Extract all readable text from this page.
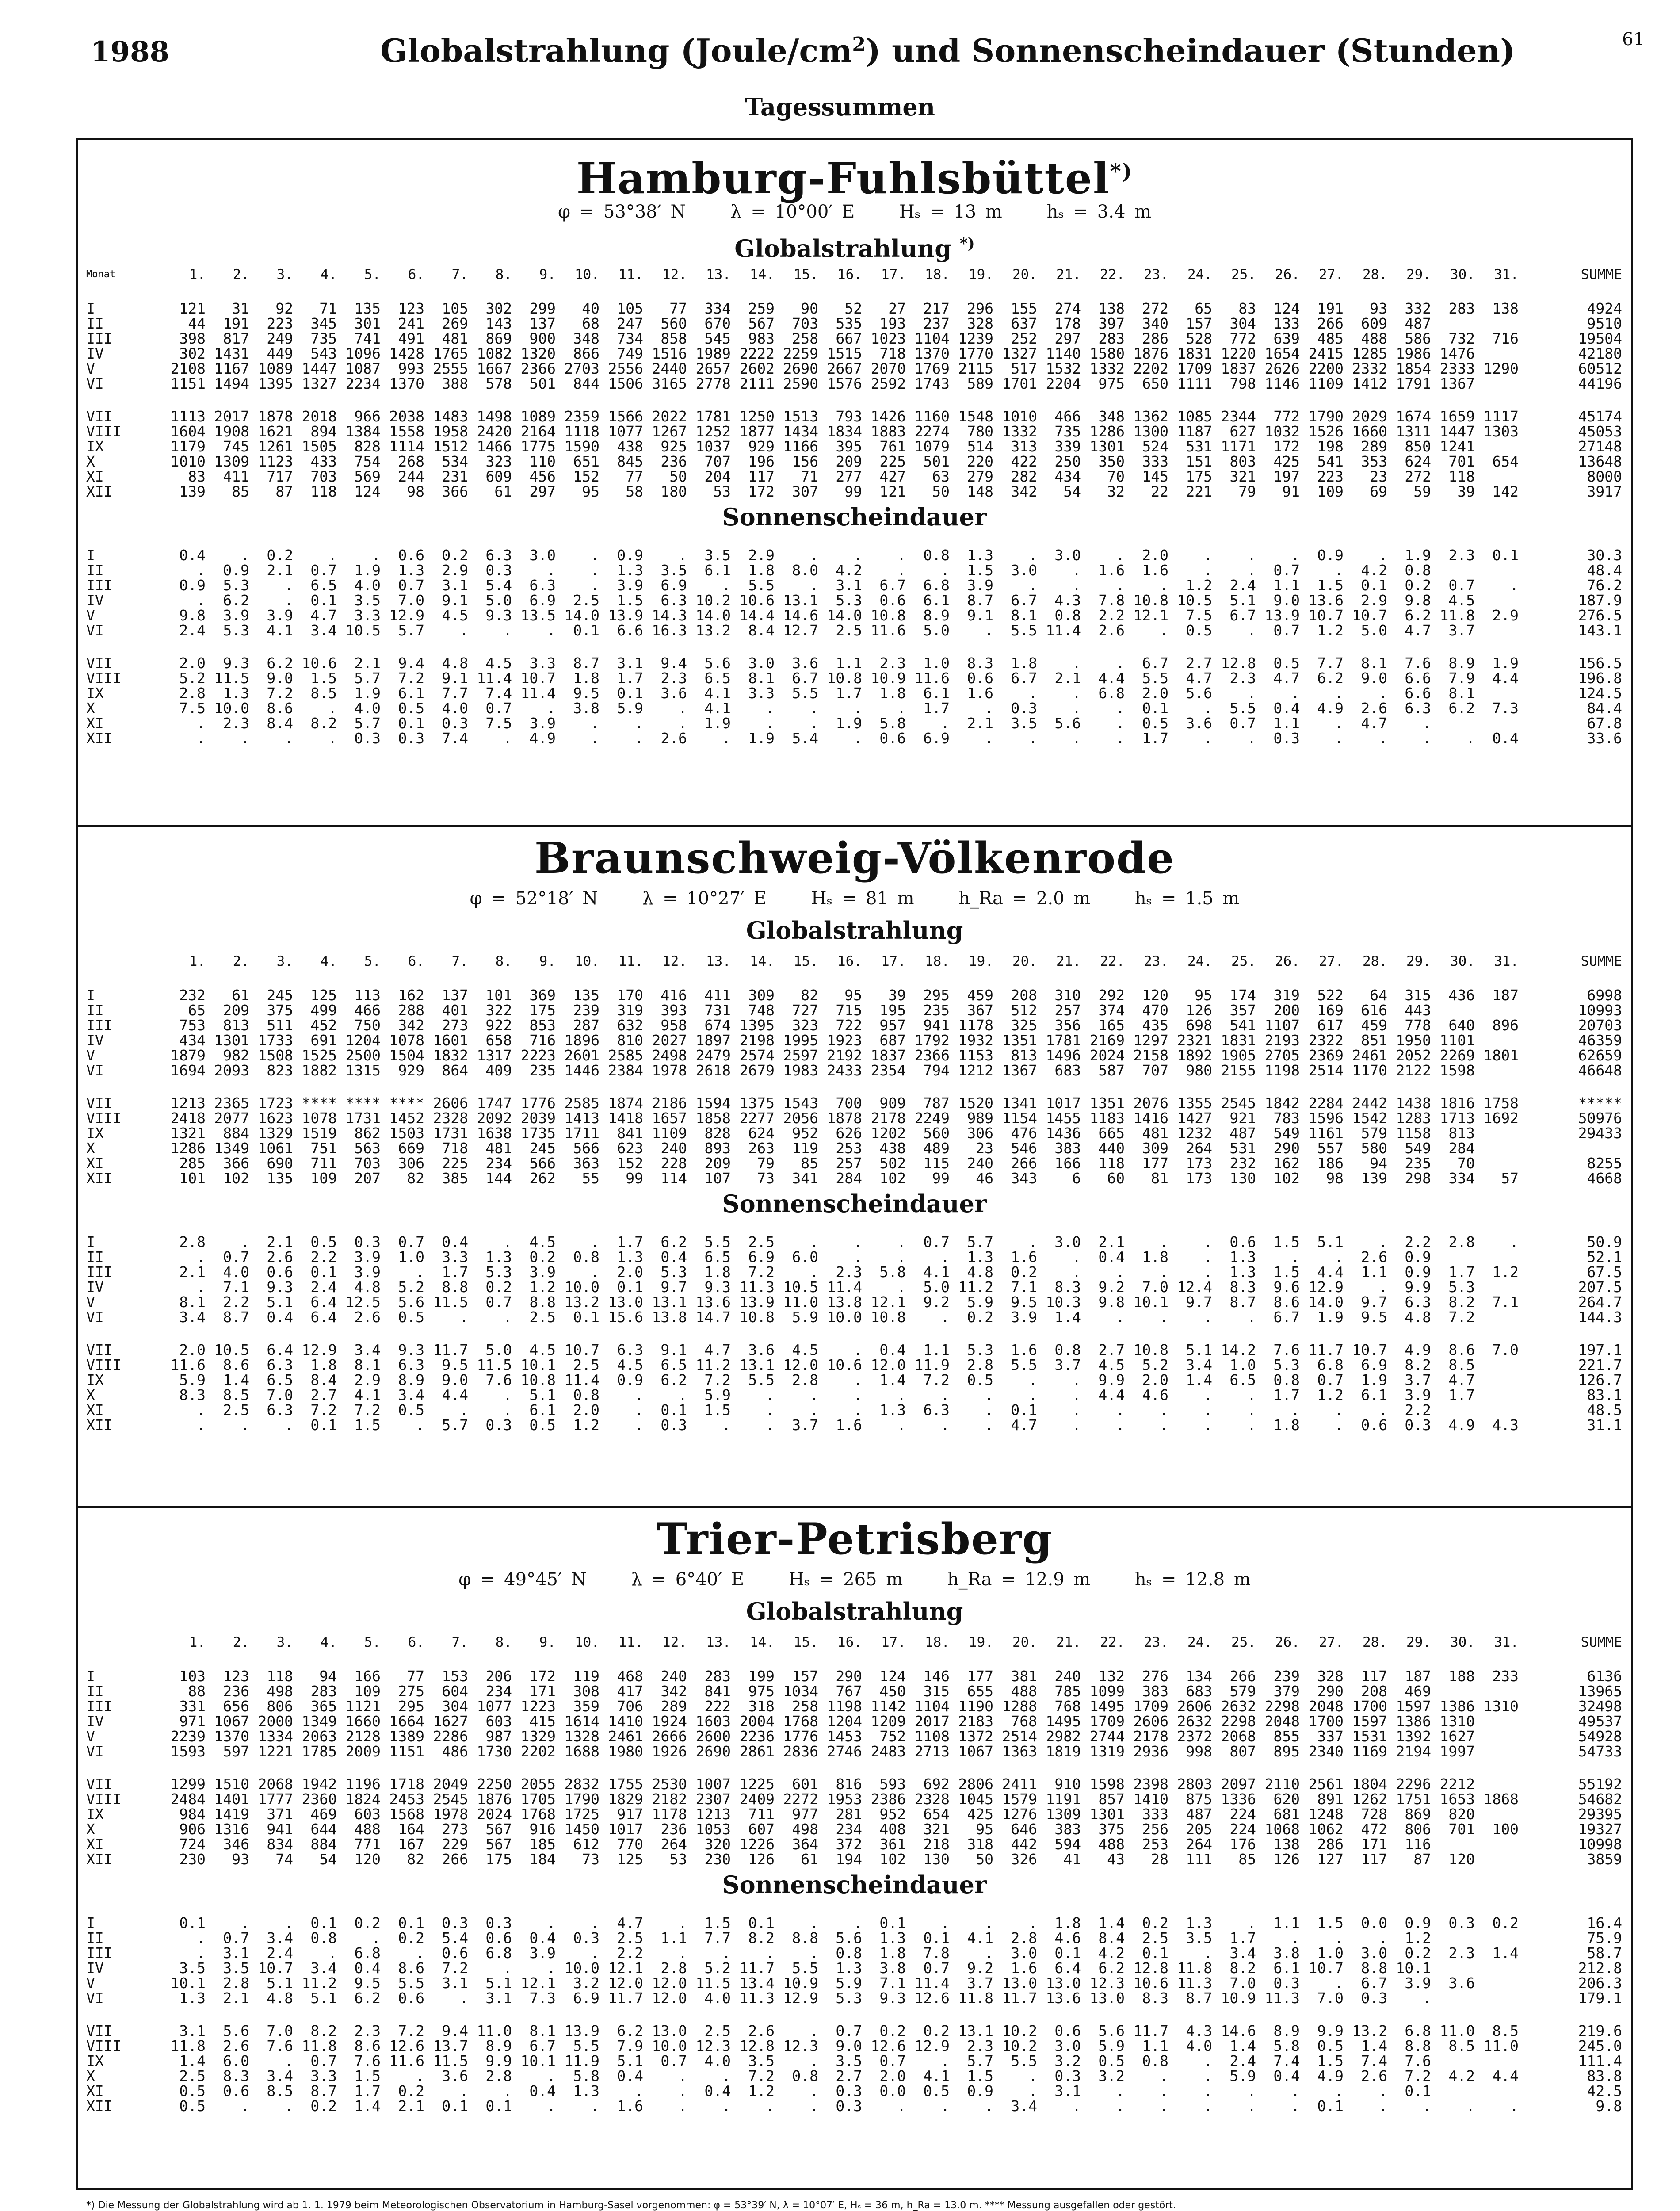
1988	Globalstrahlung $(Joule/cm^2)$ und Sonnenscheindauer (Stunden)	61
Tagessummen
Hamburg-Fuhlsbüttel*)
φ = 53°38′ N	λ = 10°00′ E	Hₛ = 13 m	hₛ = 3.4 m
Globalstrahlung *)
Monat	1.	2.	3.	4.	5.	6.	7.	8.	9.	10.	11.	12.	13.	14.	15.	16.	17.	18.	19.	20.	21.	22.	23.	24.	25.	26.	27.	28.	29.	30.	31.	SUMME

I	121	31	92	71	135	123	105	302	299	40	105	77	334	259	90	52	27	217	296	155	274	138	272	65	83	124	191	93	332	283	138	4924
II	44	191	223	345	301	241	269	143	137	68	247	560	670	567	703	535	193	237	328	637	178	397	340	157	304	133	266	609	487			9510
III	398	817	249	735	741	491	481	869	900	348	734	858	545	983	258	667	1023	1104	1239	252	297	283	286	528	772	639	485	488	586	732	716	19504
IV	302	1431	449	543	1096	1428	1765	1082	1320	866	749	1516	1989	2222	2259	1515	718	1370	1770	1327	1140	1580	1876	1831	1220	1654	2415	1285	1986	1476		42180
V	2108	1167	1089	1447	1087	993	2555	1667	2366	2703	2556	2440	2657	2602	2690	2667	2070	1769	2115	517	1532	1332	2202	1709	1837	2626	2200	2332	1854	2333	1290	60512
VI	1151	1494	1395	1327	2234	1370	388	578	501	844	1506	3165	2778	2111	2590	1576	2592	1743	589	1701	2204	975	650	1111	798	1146	1109	1412	1791	1367		44196

VII	1113	2017	1878	2018	966	2038	1483	1498	1089	2359	1566	2022	1781	1250	1513	793	1426	1160	1548	1010	466	348	1362	1085	2344	772	1790	2029	1674	1659	1117	45174
VIII	1604	1908	1621	894	1384	1558	1958	2420	2164	1118	1077	1267	1252	1877	1434	1834	1883	2274	780	1332	735	1286	1300	1187	627	1032	1526	1660	1311	1447	1303	45053
IX	1179	745	1261	1505	828	1114	1512	1466	1775	1590	438	925	1037	929	1166	395	761	1079	514	313	339	1301	524	531	1171	172	198	289	850	1241		27148
X	1010	1309	1123	433	754	268	534	323	110	651	845	236	707	196	156	209	225	501	220	422	250	350	333	151	803	425	541	353	624	701	654	13648
XI	83	411	717	703	569	244	231	609	456	152	77	50	204	117	71	277	427	63	279	282	434	70	145	175	321	197	223	23	272	118		8000
XII	139	85	87	118	124	98	366	61	297	95	58	180	53	172	307	99	121	50	148	342	54	32	22	221	79	91	109	69	59	39	142	3917
Sonnenscheindauer

I	0.4	.	0.2	.	.	0.6	0.2	6.3	3.0	.	0.9	.	3.5	2.9	.	.	.	0.8	1.3	.	3.0	.	2.0	.	.	.	0.9	.	1.9	2.3	0.1	30.3
II	.	0.9	2.1	0.7	1.9	1.3	2.9	0.3	.	.	1.3	3.5	6.1	1.8	8.0	4.2	.	.	1.5	3.0	.	1.6	1.6	.	.	0.7	.	4.2	0.8			48.4
III	0.9	5.3	.	6.5	4.0	0.7	3.1	5.4	6.3	.	3.9	6.9	.	5.5	.	3.1	6.7	6.8	3.9	.	.	.	.	1.2	2.4	1.1	1.5	0.1	0.2	0.7	.	76.2
IV	.	6.2	.	0.1	3.5	7.0	9.1	5.0	6.9	2.5	1.5	6.3	10.2	10.6	13.1	5.3	0.6	6.1	8.7	6.7	4.3	7.8	10.8	10.5	5.1	9.0	13.6	2.9	9.8	4.5		187.9
V	9.8	3.9	3.9	4.7	3.3	12.9	4.5	9.3	13.5	14.0	13.9	14.3	14.0	14.4	14.6	14.0	10.8	8.9	9.1	8.1	0.8	2.2	12.1	7.5	6.7	13.9	10.7	10.7	6.2	11.8	2.9	276.5
VI	2.4	5.3	4.1	3.4	10.5	5.7	.	.	.	0.1	6.6	16.3	13.2	8.4	12.7	2.5	11.6	5.0	.	5.5	11.4	2.6	.	0.5	.	0.7	1.2	5.0	4.7	3.7		143.1

VII	2.0	9.3	6.2	10.6	2.1	9.4	4.8	4.5	3.3	8.7	3.1	9.4	5.6	3.0	3.6	1.1	2.3	1.0	8.3	1.8	.	.	6.7	2.7	12.8	0.5	7.7	8.1	7.6	8.9	1.9	156.5
VIII	5.2	11.5	9.0	1.5	5.7	7.2	9.1	11.4	10.7	1.8	1.7	2.3	6.5	8.1	6.7	10.8	10.9	11.6	0.6	6.7	2.1	4.4	5.5	4.7	2.3	4.7	6.2	9.0	6.6	7.9	4.4	196.8
IX	2.8	1.3	7.2	8.5	1.9	6.1	7.7	7.4	11.4	9.5	0.1	3.6	4.1	3.3	5.5	1.7	1.8	6.1	1.6	.	.	6.8	2.0	5.6	.	.	.	.	6.6	8.1		124.5
X	7.5	10.0	8.6	.	4.0	0.5	4.0	0.7	.	3.8	5.9	.	4.1	.	.	.	.	1.7	.	0.3	.	.	0.1	.	5.5	0.4	4.9	2.6	6.3	6.2	7.3	84.4
XI	.	2.3	8.4	8.2	5.7	0.1	0.3	7.5	3.9	.	.	.	1.9	.	.	1.9	5.8	.	2.1	3.5	5.6	.	0.5	3.6	0.7	1.1	.	4.7	.			67.8
XII	.	.	.	.	0.3	0.3	7.4	.	4.9	.	.	2.6	.	1.9	5.4	.	0.6	6.9	.	.	.	.	1.7	.	.	0.3	.	.	.	.	0.4	33.6
Braunschweig-Völkenrode
φ = 52°18′ N	λ = 10°27′ E	Hₛ = 81 m	h_Ra = 2.0 m	hₛ = 1.5 m
Globalstrahlung
	1.	2.	3.	4.	5.	6.	7.	8.	9.	10.	11.	12.	13.	14.	15.	16.	17.	18.	19.	20.	21.	22.	23.	24.	25.	26.	27.	28.	29.	30.	31.	SUMME	

I	232	61	245	125	113	162	137	101	369	135	170	416	411	309	82	95	39	295	459	208	310	292	120	95	174	319	522	64	315	436	187	6998	
II	65	209	375	499	466	288	401	322	175	239	319	393	731	748	727	715	195	235	367	512	257	374	470	126	357	200	169	616	443			10993	
III	753	813	511	452	750	342	273	922	853	287	632	958	674	1395	323	722	957	941	1178	325	356	165	435	698	541	1107	617	459	778	640	896	20703	
IV	434	1301	1733	691	1204	1078	1601	658	716	1896	810	2027	1897	2198	1995	1923	687	1792	1932	1351	1781	2169	1297	2321	1831	2193	2322	851	1950	1101		46359	
V	1879	982	1508	1525	2500	1504	1832	1317	2223	2601	2585	2498	2479	2574	2597	2192	1837	2366	1153	813	1496	2024	2158	1892	1905	2705	2369	2461	2052	2269	1801	62659	
VI	1694	2093	823	1882	1315	929	864	409	235	1446	2384	1978	2618	2679	1983	2433	2354	794	1212	1367	683	587	707	980	2155	1198	2514	1170	2122	1598		46648	

VII	1213	2365	1723	****	****	****	2606	1747	1776	2585	1874	2186	1594	1375	1543	700	909	787	1520	1341	1017	1351	2076	1355	2545	1842	2284	2442	1438	1816	1758	*****	
VIII	2418	2077	1623	1078	1731	1452	2328	2092	2039	1413	1418	1657	1858	2277	2056	1878	2178	2249	989	1154	1455	1183	1416	1427	921	783	1596	1542	1283	1713	1692	50976	
IX	1321	884	1329	1519	862	1503	1731	1638	1735	1711	841	1109	828	624	952	626	1202	560	306	476	1436	665	481	1232	487	549	1161	579	1158	813		29433	
X	1286	1349	1061	751	563	669	718	481	245	566	623	240	893	263	119	253	438	489	23	546	383	440	309	264	531	290	557	580	549	284			
XI	285	366	690	711	703	306	225	234	566	363	152	228	209	79	85	257	502	115	240	266	166	118	177	173	232	162	186	94	235	70		8255	
XII	101	102	135	109	207	82	385	144	262	55	99	114	107	73	341	284	102	99	46	343	6	60	81	173	130	102	98	139	298	334	57	4668	
Sonnenscheindauer

I	2.8	.	2.1	0.5	0.3	0.7	0.4	.	4.5	.	1.7	6.2	5.5	2.5	.	.	.	0.7	5.7	.	3.0	2.1	.	.	0.6	1.5	5.1	.	2.2	2.8	.	50.9
II	.	0.7	2.6	2.2	3.9	1.0	3.3	1.3	0.2	0.8	1.3	0.4	6.5	6.9	6.0	.	.	.	1.3	1.6	.	0.4	1.8	.	1.3	.	.	2.6	0.9			52.1
III	2.1	4.0	0.6	0.1	3.9	.	1.7	5.3	3.9	.	2.0	5.3	1.8	7.2	.	2.3	5.8	4.1	4.8	0.2	.	.	.	.	1.3	1.5	4.4	1.1	0.9	1.7	1.2	67.5
IV	.	7.1	9.3	2.4	4.8	5.2	8.8	0.2	1.2	10.0	0.1	9.7	9.3	11.3	10.5	11.4	.	5.0	11.2	7.1	8.3	9.2	7.0	12.4	8.3	9.6	12.9	.	9.9	5.3		207.5
V	8.1	2.2	5.1	6.4	12.5	5.6	11.5	0.7	8.8	13.2	13.0	13.1	13.6	13.9	11.0	13.8	12.1	9.2	5.9	9.5	10.3	9.8	10.1	9.7	8.7	8.6	14.0	9.7	6.3	8.2	7.1	264.7
VI	3.4	8.7	0.4	6.4	2.6	0.5	.	.	2.5	0.1	15.6	13.8	14.7	10.8	5.9	10.0	10.8	.	0.2	3.9	1.4	.	.	.	.	6.7	1.9	9.5	4.8	7.2		144.3

VII	2.0	10.5	6.4	12.9	3.4	9.3	11.7	5.0	4.5	10.7	6.3	9.1	4.7	3.6	4.5	.	0.4	1.1	5.3	1.6	0.8	2.7	10.8	5.1	14.2	7.6	11.7	10.7	4.9	8.6	7.0	197.1
VIII	11.6	8.6	6.3	1.8	8.1	6.3	9.5	11.5	10.1	2.5	4.5	6.5	11.2	13.1	12.0	10.6	12.0	11.9	2.8	5.5	3.7	4.5	5.2	3.4	1.0	5.3	6.8	6.9	8.2	8.5		221.7
IX	5.9	1.4	6.5	8.4	2.9	8.9	9.0	7.6	10.8	11.4	0.9	6.2	7.2	5.5	2.8	.	1.4	7.2	0.5	.	.	9.9	2.0	1.4	6.5	0.8	0.7	1.9	3.7	4.7		126.7
X	8.3	8.5	7.0	2.7	4.1	3.4	4.4	.	5.1	0.8	.	.	5.9	.	.	.	.	.	.	.	.	4.4	4.6	.	.	1.7	1.2	6.1	3.9	1.7		83.1
XI	.	2.5	6.3	7.2	7.2	0.5	.	.	6.1	2.0	.	0.1	1.5	.	.	.	1.3	6.3	.	0.1	.	.	.	.	.	.	.	.	2.2			48.5
XII	.	.	.	0.1	1.5	.	5.7	0.3	0.5	1.2	.	0.3	.	.	3.7	1.6	.	.	.	4.7	.	.	.	.	.	1.8	.	0.6	0.3	4.9	4.3	31.1
Trier-Petrisberg
φ = 49°45′ N	λ = 6°40′ E	Hₛ = 265 m	h_Ra = 12.9 m	hₛ = 12.8 m
Globalstrahlung
	1.	2.	3.	4.	5.	6.	7.	8.	9.	10.	11.	12.	13.	14.	15.	16.	17.	18.	19.	20.	21.	22.	23.	24.	25.	26.	27.	28.	29.	30.	31.	SUMME

I	103	123	118	94	166	77	153	206	172	119	468	240	283	199	157	290	124	146	177	381	240	132	276	134	266	239	328	117	187	188	233	6136
II	88	236	498	283	109	275	604	234	171	308	417	342	841	975	1034	767	450	315	655	488	785	1099	383	683	579	379	290	208	469			13965
III	331	656	806	365	1121	295	304	1077	1223	359	706	289	222	318	258	1198	1142	1104	1190	1288	768	1495	1709	2606	2632	2298	2048	1700	1597	1386	1310	32498
IV	971	1067	2000	1349	1660	1664	1627	603	415	1614	1410	1924	1603	2004	1768	1204	1209	2017	2183	768	1495	1709	2606	2632	2298	2048	1700	1597	1386	1310		49537
V	2239	1370	1334	2063	2128	1389	2286	987	1329	1328	2461	2666	2600	2236	1776	1453	752	1108	1372	2514	2982	2744	2178	2372	2068	855	337	1531	1392	1627		54928
VI	1593	597	1221	1785	2009	1151	486	1730	2202	1688	1980	1926	2690	2861	2836	2746	2483	2713	1067	1363	1819	1319	2936	998	807	895	2340	1169	2194	1997		54733

VII	1299	1510	2068	1942	1196	1718	2049	2250	2055	2832	1755	2530	1007	1225	601	816	593	692	2806	2411	910	1598	2398	2803	2097	2110	2561	1804	2296	2212		55192
VIII	2484	1401	1777	2360	1824	2453	2545	1876	1705	1790	1829	2182	2307	2409	2272	1953	2386	2328	1045	1579	1191	857	1410	875	1336	620	891	1262	1751	1653	1868	54682
IX	984	1419	371	469	603	1568	1978	2024	1768	1725	917	1178	1213	711	977	281	952	654	425	1276	1309	1301	333	487	224	681	1248	728	869	820		29395
X	906	1316	941	644	488	164	273	567	916	1450	1017	236	1053	607	498	234	408	321	95	646	383	375	256	205	224	1068	1062	472	806	701	100	19327
XI	724	346	834	884	771	167	229	567	185	612	770	264	320	1226	364	372	361	218	318	442	594	488	253	264	176	138	286	171	116			10998
XII	230	93	74	54	120	82	266	175	184	73	125	53	230	126	61	194	102	130	50	326	41	43	28	111	85	126	127	117	87	120		3859
Sonnenscheindauer

I	0.1	.	.	0.1	0.2	0.1	0.3	0.3	.	.	4.7	.	1.5	0.1	.	.	0.1	.	.	.	1.8	1.4	0.2	1.3	.	1.1	1.5	0.0	0.9	0.3	0.2	16.4
II	.	0.7	3.4	0.8	.	0.2	5.4	0.6	0.4	0.3	2.5	1.1	7.7	8.2	8.8	5.6	1.3	0.1	4.1	2.8	4.6	8.4	2.5	3.5	1.7	.	.	.	1.2			75.9
III	.	3.1	2.4	.	6.8	.	0.6	6.8	3.9	.	2.2	.	.	.	.	0.8	1.8	7.8	.	3.0	0.1	4.2	0.1	.	3.4	3.8	1.0	3.0	0.2	2.3	1.4	58.7
IV	3.5	3.5	10.7	3.4	0.4	8.6	7.2	.	.	10.0	12.1	2.8	5.2	11.7	5.5	1.3	3.8	0.7	9.2	1.6	6.4	6.2	12.8	11.8	8.2	6.1	10.7	8.8	10.1			212.8
V	10.1	2.8	5.1	11.2	9.5	5.5	3.1	5.1	12.1	3.2	12.0	12.0	11.5	13.4	10.9	5.9	7.1	11.4	3.7	13.0	13.0	12.3	10.6	11.3	7.0	0.3	.	6.7	3.9	3.6		206.3
VI	1.3	2.1	4.8	5.1	6.2	0.6	.	3.1	7.3	6.9	11.7	12.0	4.0	11.3	12.9	5.3	9.3	12.6	11.8	11.7	13.6	13.0	8.3	8.7	10.9	11.3	7.0	0.3	.			179.1

VII	3.1	5.6	7.0	8.2	2.3	7.2	9.4	11.0	8.1	13.9	6.2	13.0	2.5	2.6	.	0.7	0.2	0.2	13.1	10.2	0.6	5.6	11.7	4.3	14.6	8.9	9.9	13.2	6.8	11.0	8.5	219.6
VIII	11.8	2.6	7.6	11.8	8.6	12.6	13.7	8.9	6.7	5.5	7.9	10.0	12.3	12.8	12.3	9.0	12.6	12.9	2.3	10.2	3.0	5.9	1.1	4.0	1.4	5.8	0.5	1.4	8.8	8.5	11.0	245.0
IX	1.4	6.0	.	0.7	7.6	11.6	11.5	9.9	10.1	11.9	5.1	0.7	4.0	3.5	.	3.5	0.7	.	5.7	5.5	3.2	0.5	0.8	.	2.4	7.4	1.5	7.4	7.6			111.4
X	2.5	8.3	3.4	3.3	1.5	.	3.6	2.8	.	5.8	0.4	.	.	7.2	0.8	2.7	2.0	4.1	1.5	.	0.3	3.2	.	.	5.9	0.4	4.9	2.6	7.2	4.2	4.4	83.8
XI	0.5	0.6	8.5	8.7	1.7	0.2	.	.	0.4	1.3	.	.	0.4	1.2	.	0.3	0.0	0.5	0.9	.	3.1	.	.	.	.	.	.	.	0.1			42.5
XII	0.5	.	.	0.2	1.4	2.1	0.1	0.1	.	.	1.6	.	.	.	.	0.3	.	.	.	3.4	.	.	.	.	.	.	0.1	.	.	.	.	9.8
*) Die Messung der Globalstrahlung wird ab 1. 1. 1979 beim Meteorologischen Observatorium in Hamburg-Sasel vorgenommen: φ = 53°39′ N, λ = 10°07′ E, Hₛ = 36 m, h_Ra = 13.0 m. **** Messung ausgefallen oder gestört.
